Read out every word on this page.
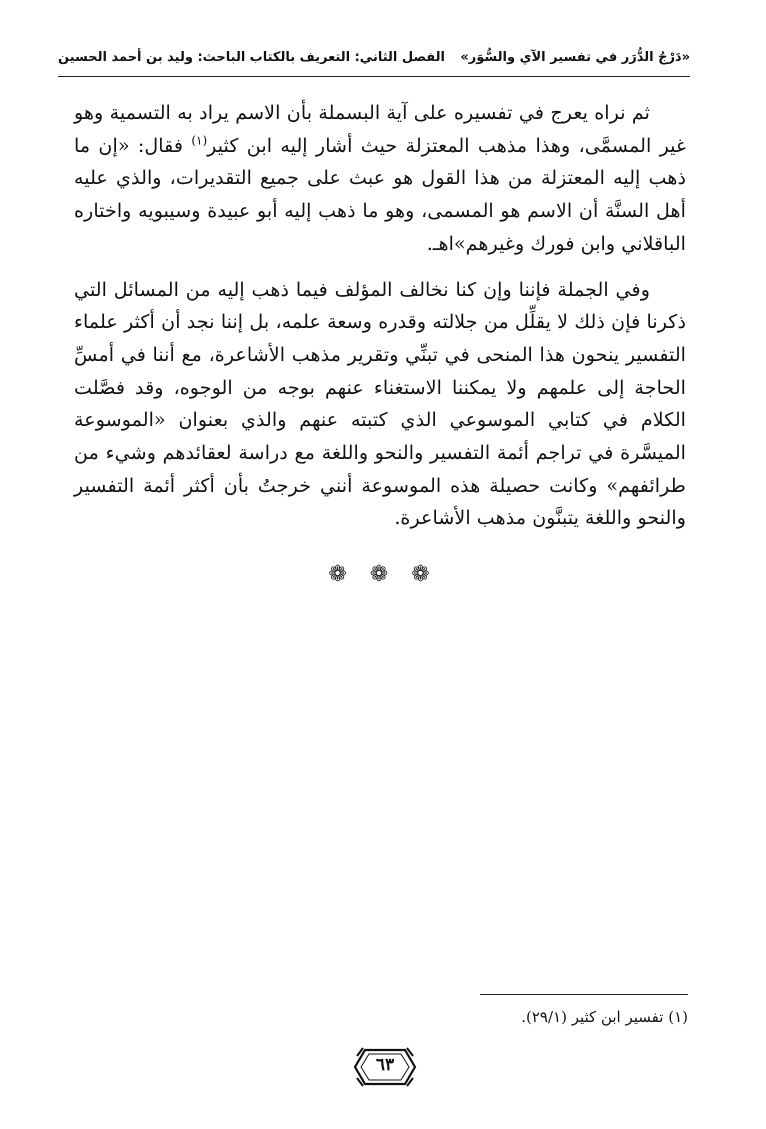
«دَرْجُ الدُّرَر في تفسير الآي والسُّوَر»
الفصل الثاني: التعريف بالكتاب
الباحث: وليد بن أحمد الحسين

ثم نراه يعرج في تفسيره على آية البسملة بأن الاسم يراد به التسمية وهو غير المسمَّى، وهذا مذهب المعتزلة حيث أشار إليه ابن كثير$^{(١)}$ فقال: «إن ما ذهب إليه المعتزلة من هذا القول هو عبث على جميع التقديرات، والذي عليه أهل السنَّة أن الاسم هو المسمى، وهو ما ذهب إليه أبو عبيدة وسيبويه واختاره الباقلاني وابن فورك وغيرهم»اهـ.

وفي الجملة فإننا وإن كنا نخالف المؤلف فيما ذهب إليه من المسائل التي ذكرنا فإن ذلك لا يقلِّل من جلالته وقدره وسعة علمه، بل إننا نجد أن أكثر علماء التفسير ينحون هذا المنحى في تبنِّي وتقرير مذهب الأشاعرة، مع أننا في أمسِّ الحاجة إلى علمهم ولا يمكننا الاستغناء عنهم بوجه من الوجوه، وقد فصَّلت الكلام في كتابي الموسوعي الذي كتبته عنهم والذي بعنوان «الموسوعة الميسَّرة في تراجم أئمة التفسير والنحو واللغة مع دراسة لعقائدهم وشيء من طرائفهم» وكانت حصيلة هذه الموسوعة أنني خرجتُ بأن أكثر أئمة التفسير والنحو واللغة يتبنَّون مذهب الأشاعرة.

❁ ❁ ❁
(١) تفسير ابن كثير (٢٩/١).
٦٣
